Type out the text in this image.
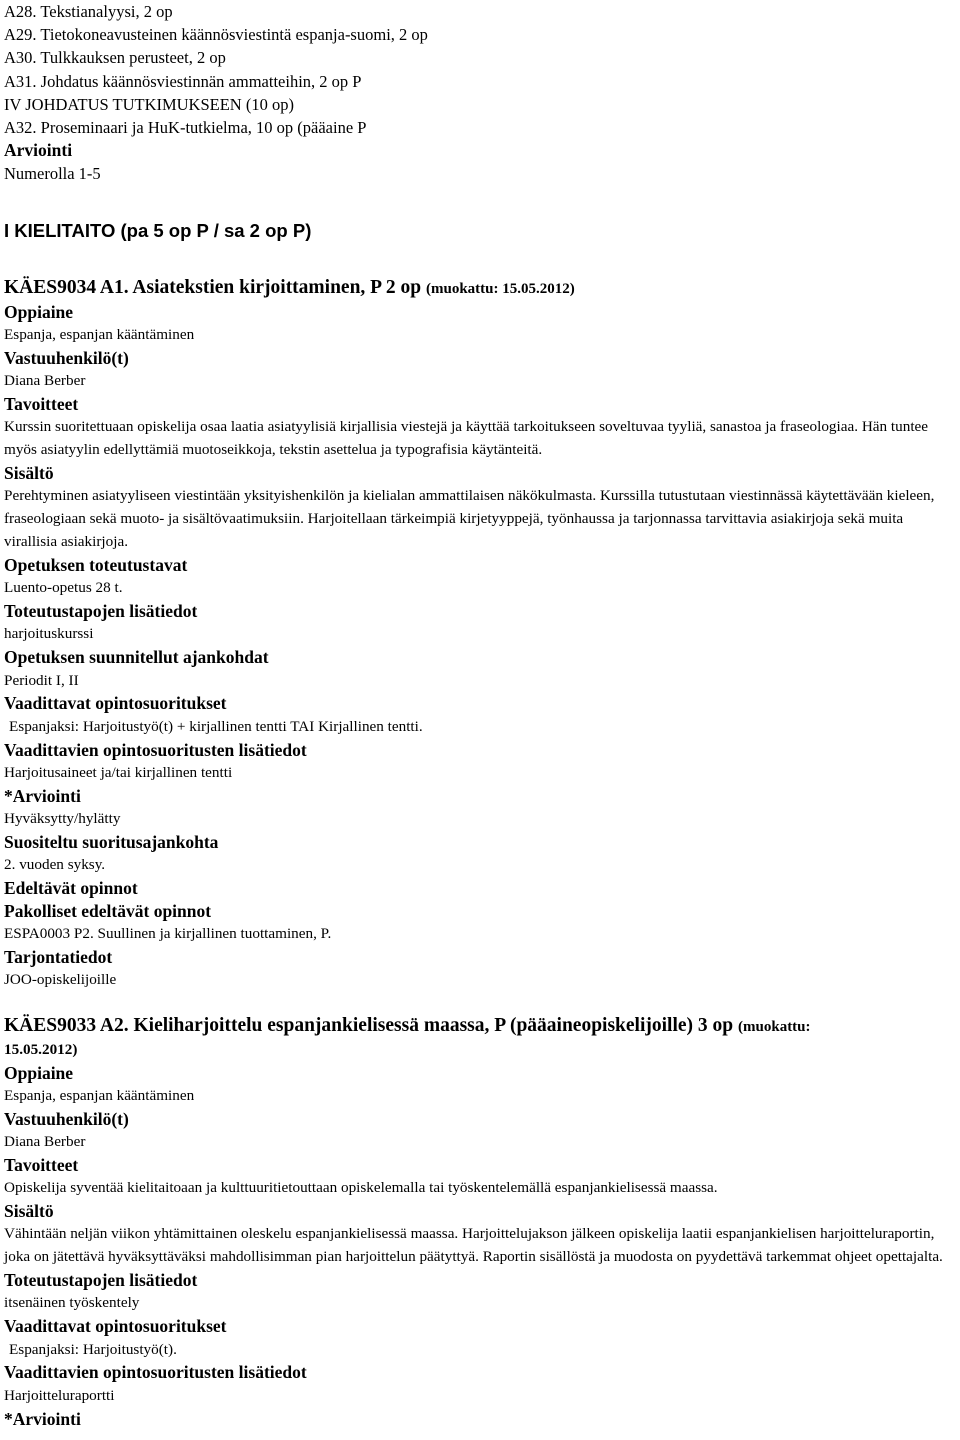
A28. Tekstianalyysi, 2 op

A29. Tietokoneavusteinen käännösviestintä espanja-suomi, 2 op

A30. Tulkkauksen perusteet, 2 op

A31. Johdatus käännösviestinnän ammatteihin, 2 op P

IV JOHDATUS TUTKIMUKSEEN (10 op)

A32. Proseminaari ja HuK-tutkielma, 10 op (pääaine P

Arviointi

Numerolla 1-5

I KIELITAITO (pa 5 op P / sa 2 op P)

KÄES9034 A1. Asiatekstien kirjoittaminen, P 2 op (muokattu: 15.05.2012)

Oppiaine

Espanja, espanjan kääntäminen

Vastuuhenkilö(t)

Diana Berber

Tavoitteet

Kurssin suoritettuaan opiskelija osaa laatia asiatyylisiä kirjallisia viestejä ja käyttää tarkoitukseen soveltuvaa tyyliä, sanastoa ja fraseologiaa. Hän tuntee myös asiatyylin edellyttämiä muotoseikkoja, tekstin asettelua ja typografisia käytänteitä.

Sisältö

Perehtyminen asiatyyliseen viestintään yksityishenkilön ja kielialan ammattilaisen näkökulmasta. Kurssilla tutustutaan viestinnässä käytettävään kieleen, fraseologiaan sekä muoto- ja sisältövaatimuksiin. Harjoitellaan tärkeimpiä kirjetyyppejä, työnhaussa ja tarjonnassa tarvittavia asiakirjoja sekä muita virallisia asiakirjoja.

Opetuksen toteutustavat

Luento-opetus 28 t.

Toteutustapojen lisätiedot

harjoituskurssi

Opetuksen suunnitellut ajankohdat

Periodit I, II

Vaadittavat opintosuoritukset

Espanjaksi: Harjoitustyö(t) + kirjallinen tentti TAI Kirjallinen tentti.

Vaadittavien opintosuoritusten lisätiedot

Harjoitusaineet ja/tai kirjallinen tentti

*Arviointi

Hyväksytty/hylätty

Suositeltu suoritusajankohta

2. vuoden syksy.

Edeltävät opinnot

Pakolliset edeltävät opinnot

ESPA0003 P2. Suullinen ja kirjallinen tuottaminen, P.

Tarjontatiedot

JOO-opiskelijoille

KÄES9033 A2. Kieliharjoittelu espanjankielisessä maassa, P (pääaineopiskelijoille) 3 op (muokattu:

15.05.2012)

Oppiaine

Espanja, espanjan kääntäminen

Vastuuhenkilö(t)

Diana Berber

Tavoitteet

Opiskelija syventää kielitaitoaan ja kulttuuritietouttaan opiskelemalla tai työskentelemällä espanjankielisessä maassa.

Sisältö

Vähintään neljän viikon yhtämittainen oleskelu espanjankielisessä maassa. Harjoittelujakson jälkeen opiskelija laatii espanjankielisen harjoitteluraportin, joka on jätettävä hyväksyttäväksi mahdollisimman pian harjoittelun päätyttyä. Raportin sisällöstä ja muodosta on pyydettävä tarkemmat ohjeet opettajalta.

Toteutustapojen lisätiedot

itsenäinen työskentely

Vaadittavat opintosuoritukset

Espanjaksi: Harjoitustyö(t).

Vaadittavien opintosuoritusten lisätiedot

Harjoitteluraportti

*Arviointi
